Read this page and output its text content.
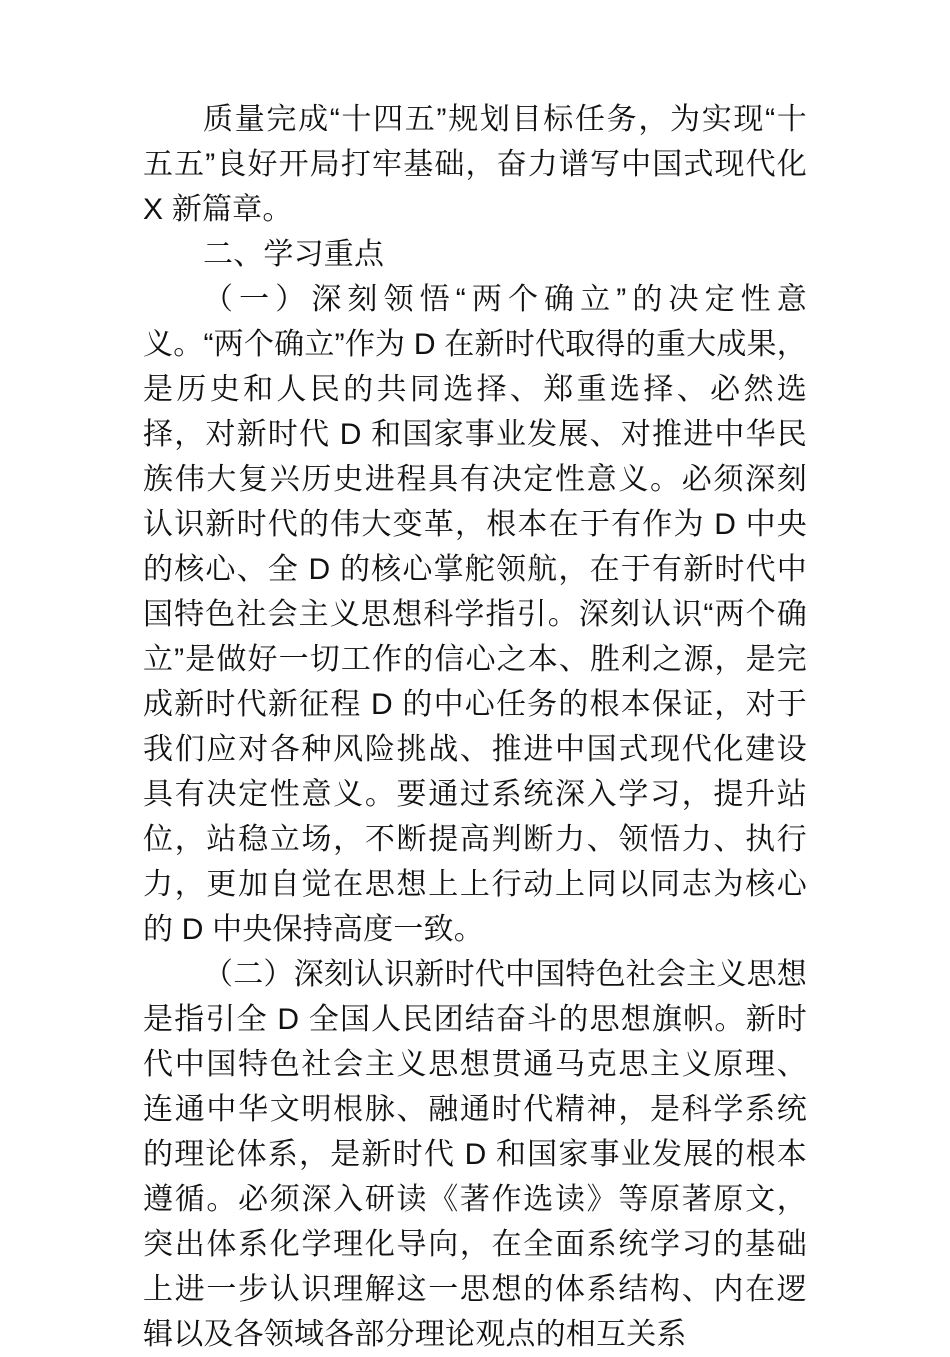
质量完成“十四五”规划目标任务，为实现“十五五”良好开局打牢基础，奋力谱写中国式现代化 X 新篇章。

二、学习重点

（一）深刻领悟“两个确立”的决定性意义。“两个确立”作为 D 在新时代取得的重大成果，是历史和人民的共同选择、郑重选择、必然选择，对新时代 D 和国家事业发展、对推进中华民族伟大复兴历史进程具有决定性意义。必须深刻认识新时代的伟大变革，根本在于有作为 D 中央的核心、全 D 的核心掌舵领航，在于有新时代中国特色社会主义思想科学指引。深刻认识“两个确立”是做好一切工作的信心之本、胜利之源，是完成新时代新征程 D 的中心任务的根本保证，对于我们应对各种风险挑战、推进中国式现代化建设具有决定性意义。要通过系统深入学习，提升站位，站稳立场，不断提高判断力、领悟力、执行力，更加自觉在思想上上行动上同以同志为核心的 D 中央保持高度一致。

（二）深刻认识新时代中国特色社会主义思想是指引全 D 全国人民团结奋斗的思想旗帜。新时代中国特色社会主义思想贯通马克思主义原理、连通中华文明根脉、融通时代精神，是科学系统的理论体系，是新时代 D 和国家事业发展的根本遵循。必须深入研读《著作选读》等原著原文，突出体系化学理化导向，在全面系统学习的基础上进一步认识理解这一思想的体系结构、内在逻辑以及各领域各部分理论观点的相互关系
